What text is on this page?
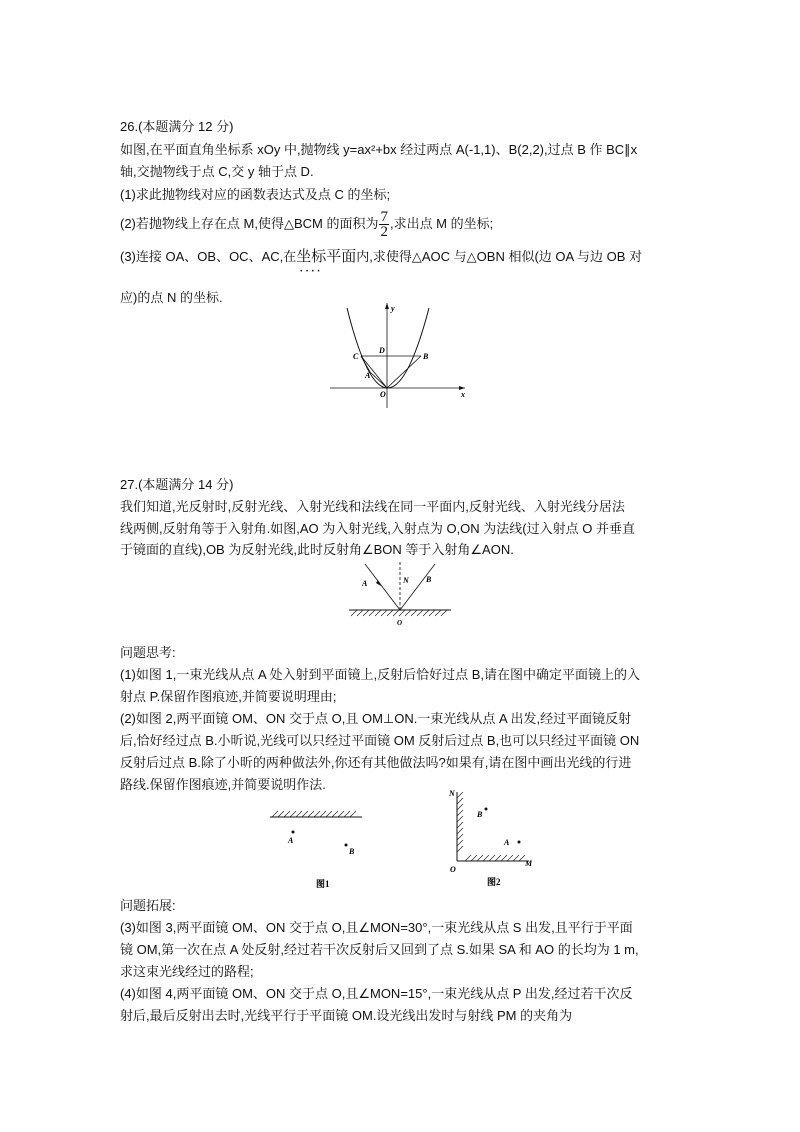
26.(本题满分 12 分)
如图,在平面直角坐标系 xOy 中,抛物线 y=ax²+bx 经过两点 A(-1,1)、B(2,2),过点 B 作 BC∥x
轴,交抛物线于点 C,交 y 轴于点 D.
(1)求此抛物线对应的函数表达式及点 C 的坐标;
(2)若抛物线上存在点 M,使得△BCM 的面积为 $\frac{7}{2}$ ,求出点 M 的坐标;
(3)连接 OA、OB、OC、AC,在坐标平面 • • • •内,求使得△AOC 与△OBN 相似(边 OA 与边 OB 对
应)的点 N 的坐标.
y
x
O
A
B
C
D
27.(本题满分 14 分)
我们知道,光反射时,反射光线、入射光线和法线在同一平面内,反射光线、入射光线分居法
线两侧,反射角等于入射角.如图,AO 为入射光线,入射点为 O,ON 为法线(过入射点 O 并垂直
于镜面的直线),OB 为反射光线,此时反射角∠BON 等于入射角∠AON.
A	N B
O
问题思考:
(1)如图 1,一束光线从点 A 处入射到平面镜上,反射后恰好过点 B,请在图中确定平面镜上的入
射点 P.保留作图痕迹,并简要说明理由;
(2)如图 2,两平面镜 OM、ON 交于点 O,且 OM⊥ON.一束光线从点 A 出发,经过平面镜反射
后,恰好经过点 B.小昕说,光线可以只经过平面镜 OM 反射后过点 B,也可以只经过平面镜 ON
反射后过点 B.除了小昕的两种做法外,你还有其他做法吗?如果有,请在图中画出光线的行进
路线.保留作图痕迹,并简要说明作法.
A
B
图1
N
B
A
O
M
图2
问题拓展:
(3)如图 3,两平面镜 OM、ON 交于点 O,且∠MON=30°,一束光线从点 S 出发,且平行于平面
镜 OM,第一次在点 A 处反射,经过若干次反射后又回到了点 S.如果 SA 和 AO 的长均为 1 m,
求这束光线经过的路程;
(4)如图 4,两平面镜 OM、ON 交于点 O,且∠MON=15°,一束光线从点 P 出发,经过若干次反
射后,最后反射出去时,光线平行于平面镜 OM.设光线出发时与射线 PM 的夹角为
